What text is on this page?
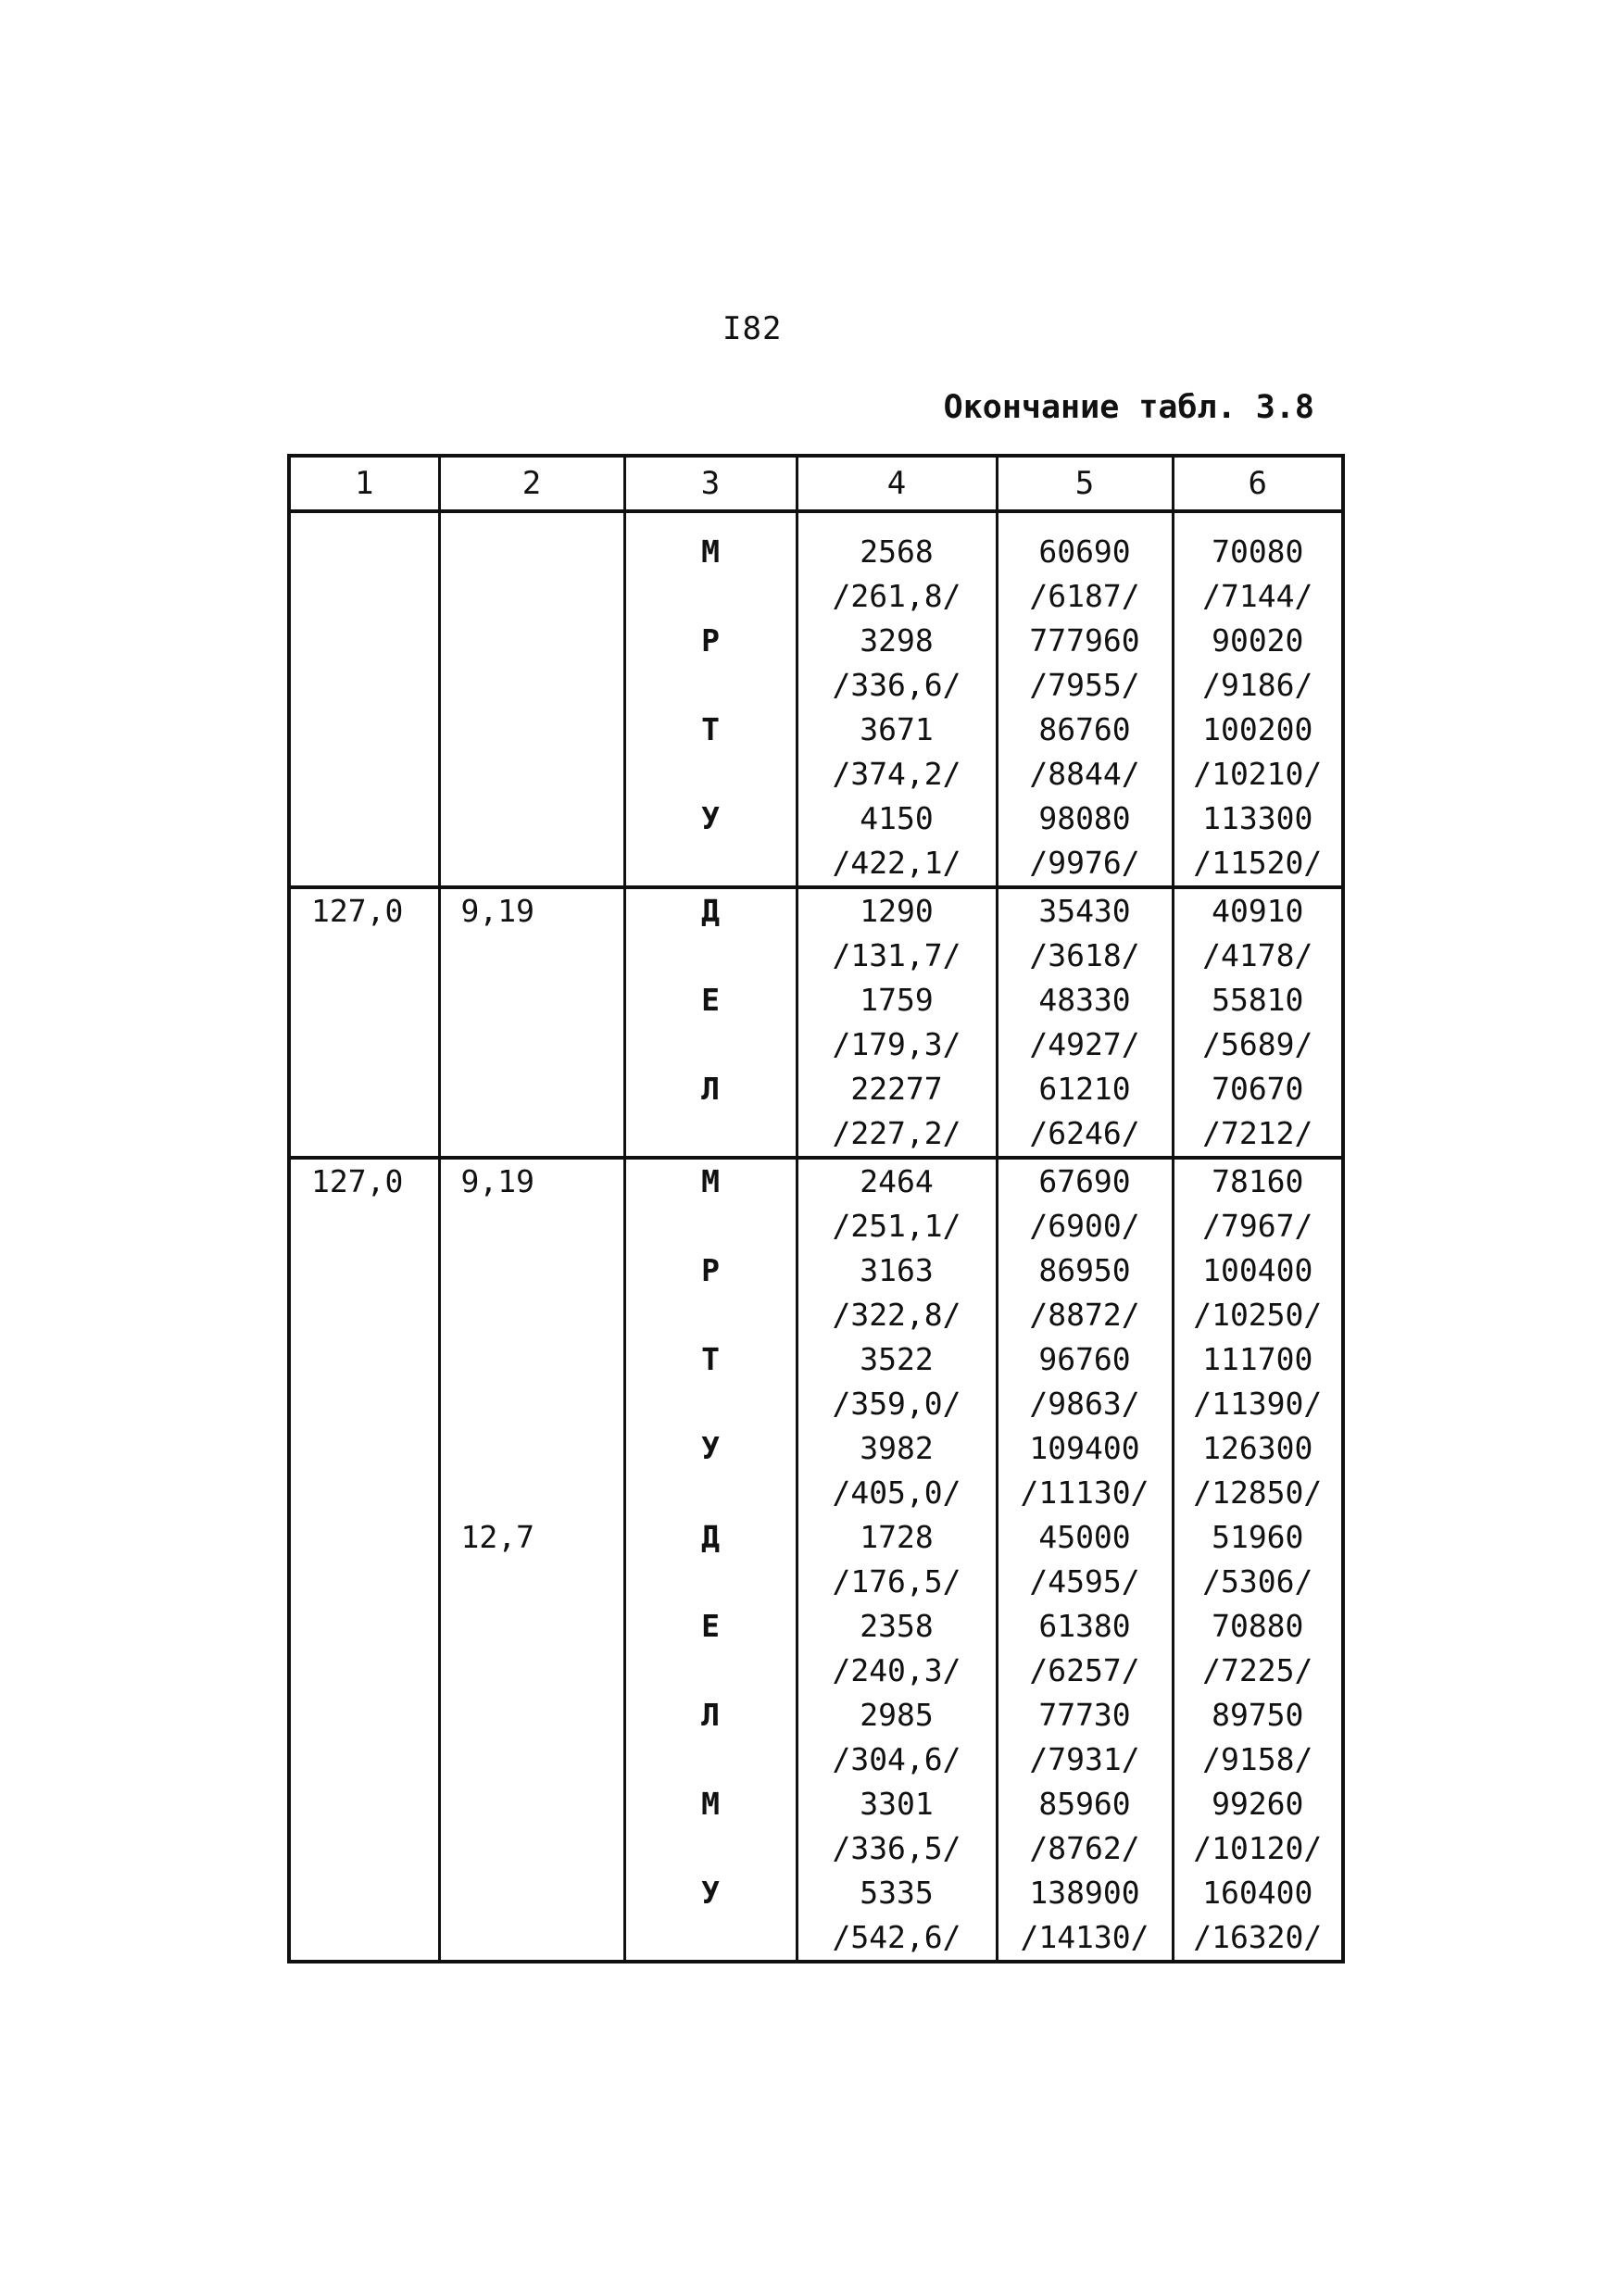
I82
Окончание табл. 3.8
1	2	3	4	5	6

		М	2568	60690	70080
			/261,8/	/6187/	/7144/
		Р	3298	777960	90020
			/336,6/	/7955/	/9186/
		Т	3671	86760	100200
			/374,2/	/8844/	/10210/
		У	4150	98080	113300
			/422,1/	/9976/	/11520/
127,0	9,19	Д	1290	35430	40910
			/131,7/	/3618/	/4178/
		Е	1759	48330	55810
			/179,3/	/4927/	/5689/
		Л	22277	61210	70670
			/227,2/	/6246/	/7212/
127,0	9,19	М	2464	67690	78160
			/251,1/	/6900/	/7967/
		Р	3163	86950	100400
			/322,8/	/8872/	/10250/
		Т	3522	96760	111700
			/359,0/	/9863/	/11390/
		У	3982	109400	126300
			/405,0/	/11130/	/12850/
	12,7	Д	1728	45000	51960
			/176,5/	/4595/	/5306/
		Е	2358	61380	70880
			/240,3/	/6257/	/7225/
		Л	2985	77730	89750
			/304,6/	/7931/	/9158/
		М	3301	85960	99260
			/336,5/	/8762/	/10120/
		У	5335	138900	160400
			/542,6/	/14130/	/16320/
